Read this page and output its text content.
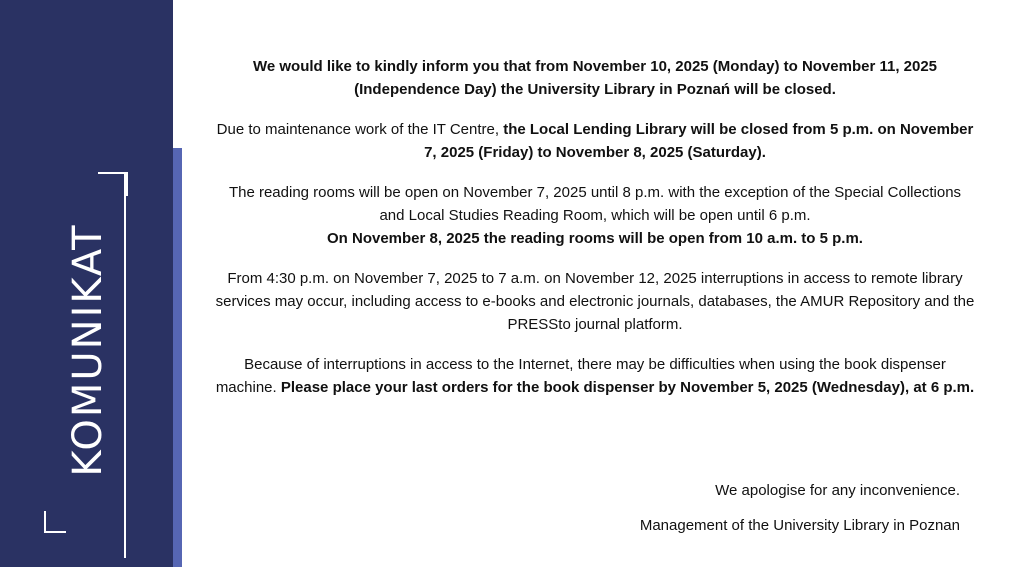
KOMUNIKAT

We would like to kindly inform you that from November 10, 2025 (Monday) to November 11, 2025 (Independence Day) the University Library in Poznań will be closed.

Due to maintenance work of the IT Centre, the Local Lending Library will be closed from 5 p.m. on November 7, 2025 (Friday) to November 8, 2025 (Saturday).

The reading rooms will be open on November 7, 2025 until 8 p.m. with the exception of the Special Collections and Local Studies Reading Room, which will be open until 6 p.m.
On November 8, 2025 the reading rooms will be open from 10 a.m. to 5 p.m.

From 4:30 p.m. on November 7, 2025 to 7 a.m. on November 12, 2025 interruptions in access to remote library services may occur, including access to e-books and electronic journals, databases, the AMUR Repository and the PRESSto journal platform.

Because of interruptions in access to the Internet, there may be difficulties when using the book dispenser machine. Please place your last orders for the book dispenser by November 5, 2025 (Wednesday), at 6 p.m.

We apologise for any inconvenience.

Management of the University Library in Poznan
